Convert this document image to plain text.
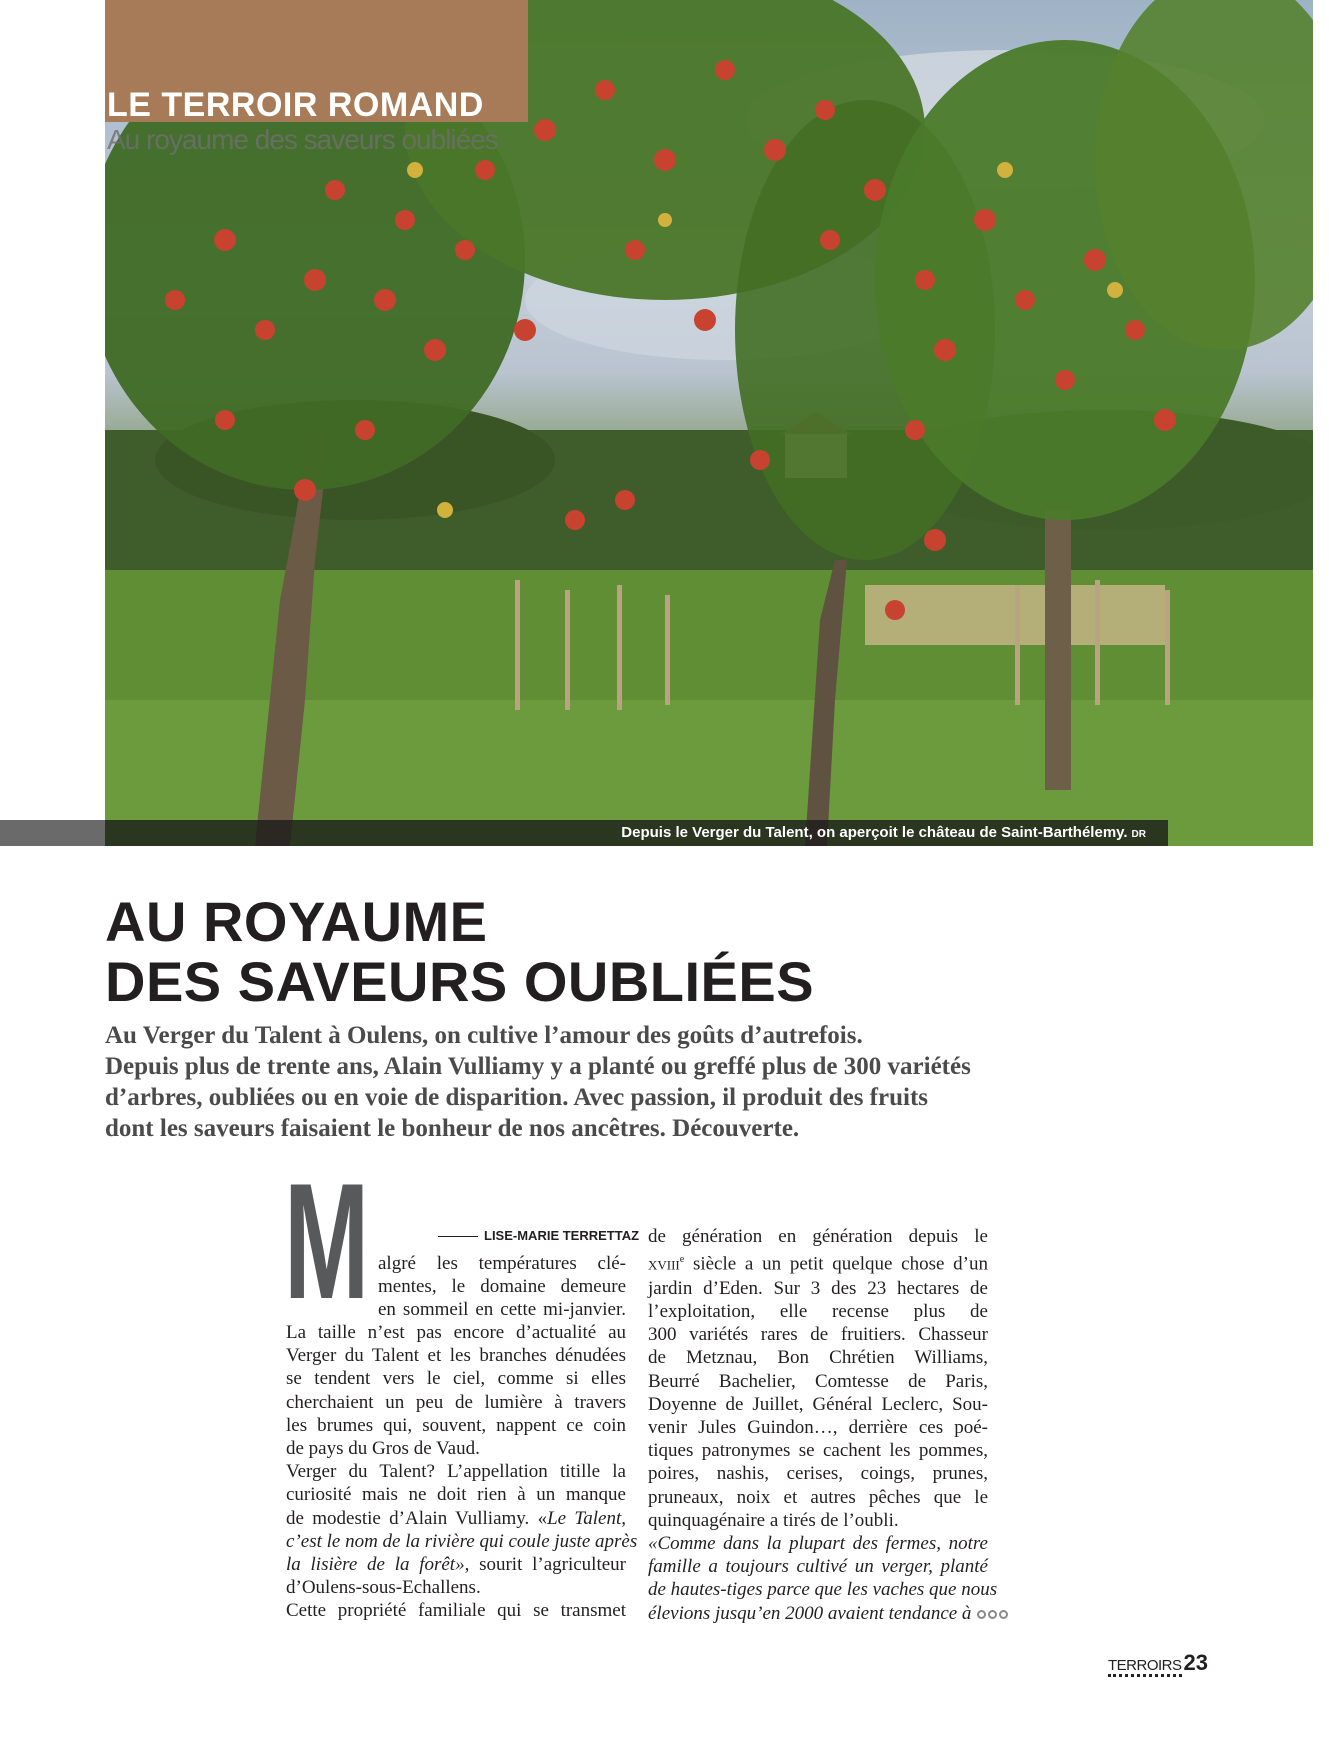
Depuis le Verger du Talent, on aperçoit le château de Saint-Barthélemy. DR
LE TERROIR ROMAND
Au royaume des saveurs oubliées
AU ROYAUME
DES SAVEURS OUBLIÉES
Au Verger du Talent à Oulens, on cultive l’amour des goûts d’autrefois.
Depuis plus de trente ans, Alain Vulliamy y a planté ou greffé plus de 300 variétés
d’arbres, oubliées ou en voie de disparition. Avec passion, il produit des fruits
dont les saveurs faisaient le bonheur de nos ancêtres. Découverte.
LISE-MARIE TERRETTAZ
M algré les températures clé-
mentes, le domaine demeure
en sommeil en cette mi-janvier.
La taille n’est pas encore d’actualité au
Verger du Talent et les branches dénudées
se tendent vers le ciel, comme si elles
cherchaient un peu de lumière à travers
les brumes qui, souvent, nappent ce coin
de pays du Gros de Vaud.
Verger du Talent? L’appellation titille la
curiosité mais ne doit rien à un manque
de modestie d’Alain Vulliamy. «Le Talent,
c’est le nom de la rivière qui coule juste après
la lisière de la forêt», sourit l’agriculteur
d’Oulens-sous-Echallens.
Cette propriété familiale qui se transmet
de génération en génération depuis le
XVIIIe siècle a un petit quelque chose d’un
jardin d’Eden. Sur 3 des 23 hectares de
l’exploitation, elle recense plus de
300 variétés rares de fruitiers. Chasseur
de Metznau, Bon Chrétien Williams,
Beurré Bachelier, Comtesse de Paris,
Doyenne de Juillet, Général Leclerc, Sou-
venir Jules Guindon…, derrière ces poé-
tiques patronymes se cachent les pommes,
poires, nashis, cerises, coings, prunes,
pruneaux, noix et autres pêches que le
quinquagénaire a tirés de l’oubli.
«Comme dans la plupart des fermes, notre
famille a toujours cultivé un verger, planté
de hautes-tiges parce que les vaches que nous
élevions jusqu’en 2000 avaient tendance à
TERROIRS23
